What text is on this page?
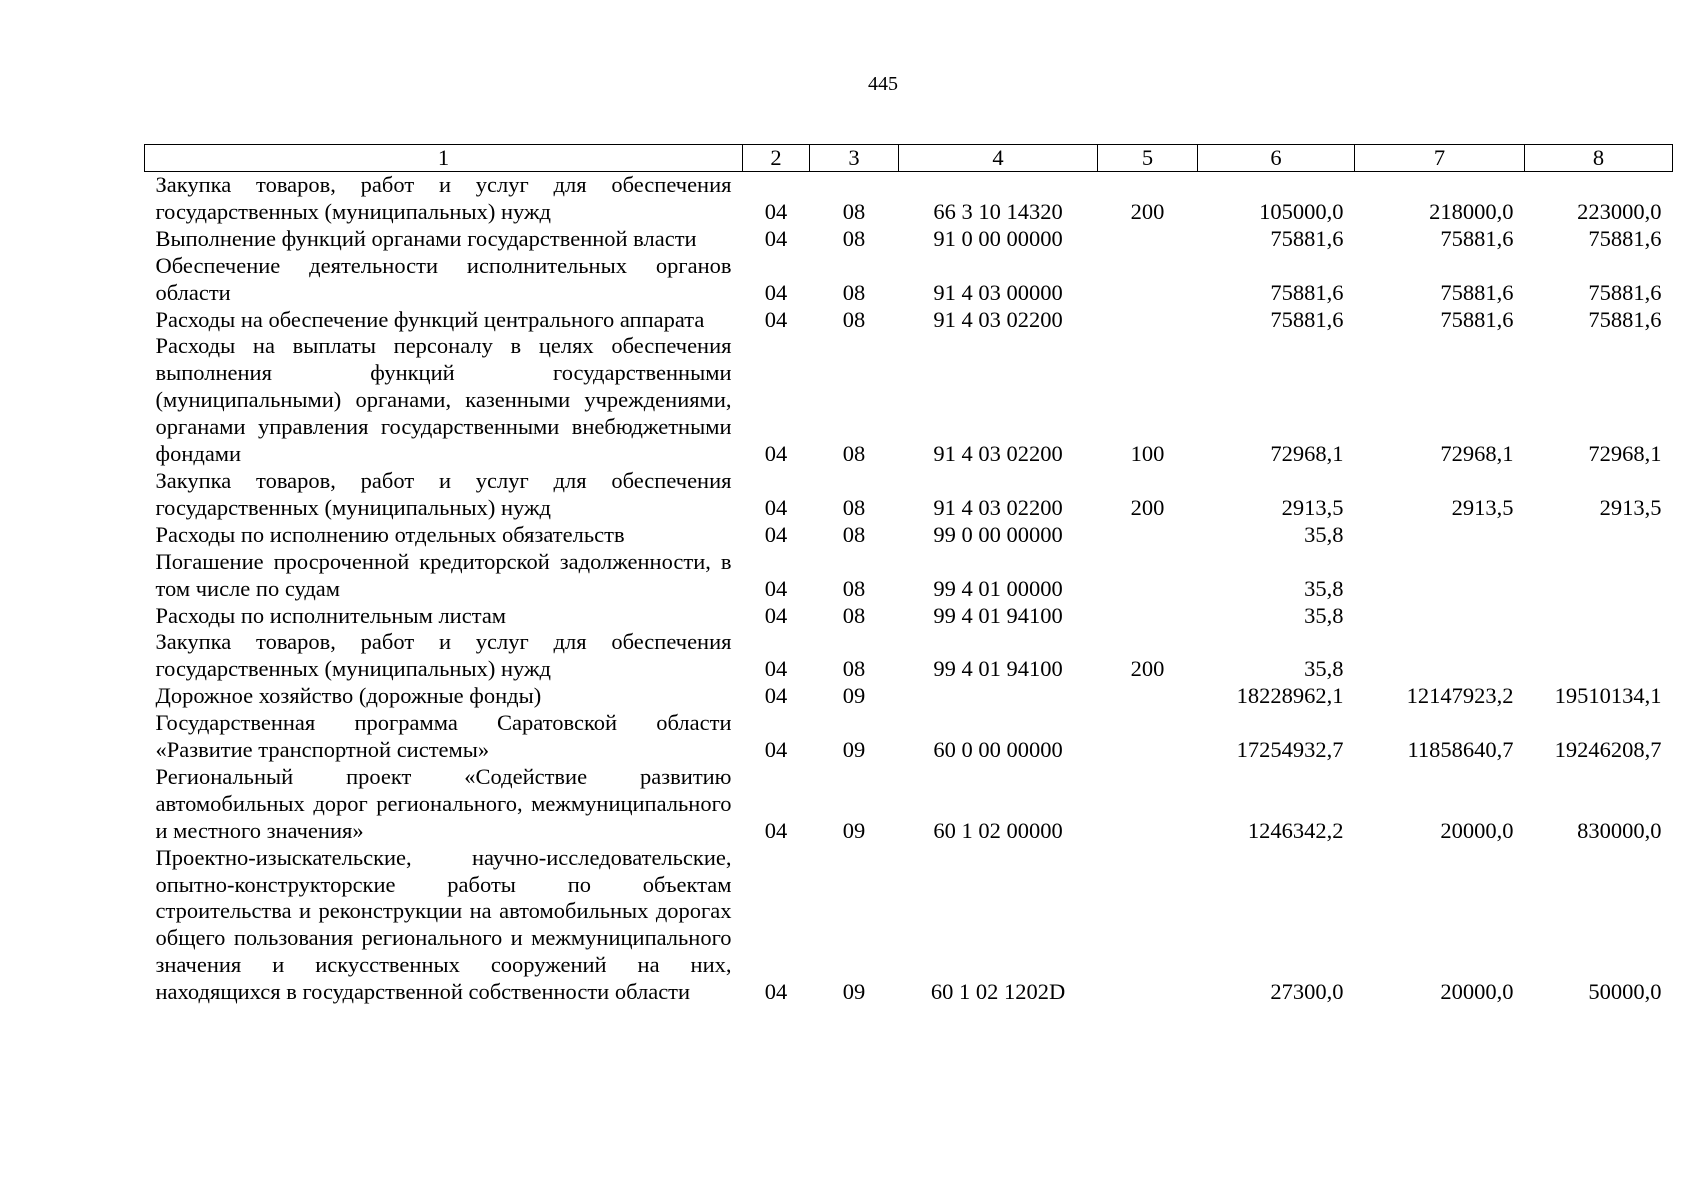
445
1	2	3	4	5	6	7	8
Закупка товаров, работ и услуг для обеспечения государственных (муниципальных) нужд	04	08	66 3 10 14320	200	105000,0	218000,0	223000,0
Выполнение функций органами государственной власти	04	08	91 0 00 00000		75881,6	75881,6	75881,6
Обеспечение деятельности исполнительных органов области	04	08	91 4 03 00000		75881,6	75881,6	75881,6
Расходы на обеспечение функций центрального аппарата	04	08	91 4 03 02200		75881,6	75881,6	75881,6
Расходы на выплаты персоналу в целях обеспечения выполнения функций государственными (муниципальными) органами, казенными учреждениями, органами управления государственными внебюджетными фондами	04	08	91 4 03 02200	100	72968,1	72968,1	72968,1
Закупка товаров, работ и услуг для обеспечения государственных (муниципальных) нужд	04	08	91 4 03 02200	200	2913,5	2913,5	2913,5
Расходы по исполнению отдельных обязательств	04	08	99 0 00 00000		35,8		
Погашение просроченной кредиторской задолженности, в том числе по судам	04	08	99 4 01 00000		35,8		
Расходы по исполнительным листам	04	08	99 4 01 94100		35,8		
Закупка товаров, работ и услуг для обеспечения государственных (муниципальных) нужд	04	08	99 4 01 94100	200	35,8		
Дорожное хозяйство (дорожные фонды)	04	09			18228962,1	12147923,2	19510134,1
Государственная программа Саратовской области «Развитие транспортной системы»	04	09	60 0 00 00000		17254932,7	11858640,7	19246208,7
Региональный проект «Содействие развитию автомобильных дорог регионального, межмуниципального и местного значения»	04	09	60 1 02 00000		1246342,2	20000,0	830000,0
Проектно-изыскательские, научно-исследовательские, опытно-конструкторские работы по объектам строительства и реконструкции на автомобильных дорогах общего пользования регионального и межмуниципального значения и искусственных сооружений на них, находящихся в государственной собственности области	04	09	60 1 02 1202D		27300,0	20000,0	50000,0
